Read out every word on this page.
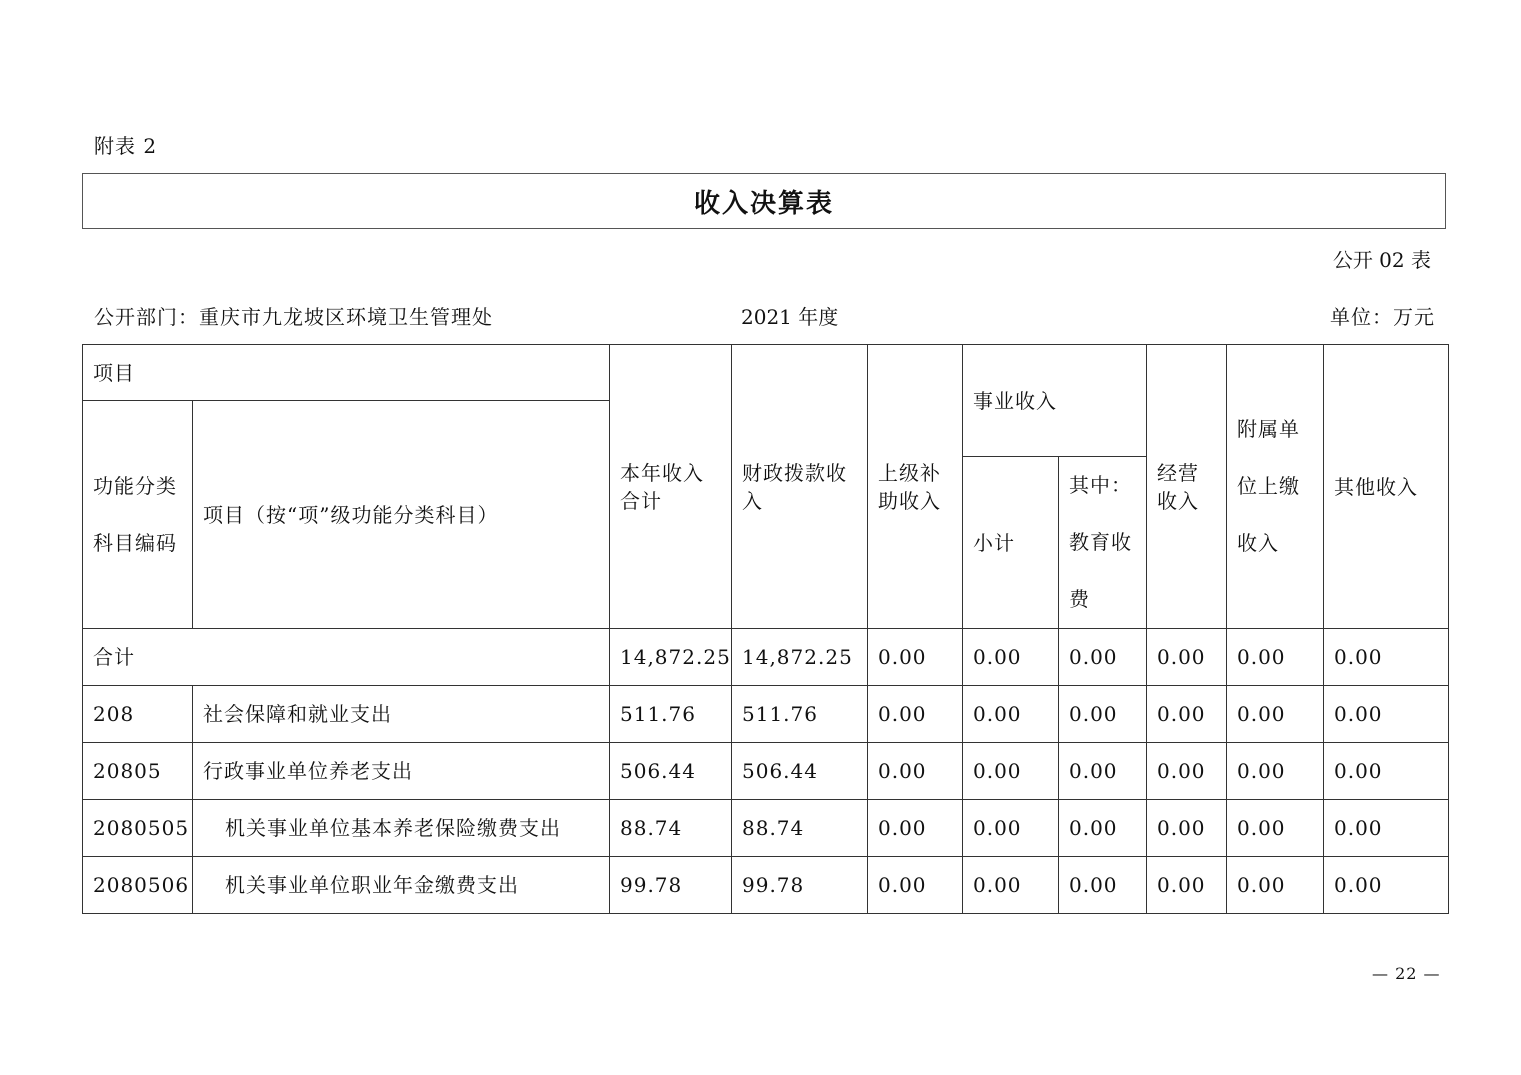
附表 2
收入决算表
公开 02 表
公开部门：重庆市九龙坡区环境卫生管理处	2021 年度	单位：万元
项目		本年收入合计	财政拨款收入	上级补助收入	事业收入		经营收入	附属单位上缴收入	其他收入
功能分类科目编码	项目（按“项”级功能分类科目）								
					小计	其中：教育收费			
合计		14,872.25	14,872.25	0.00	0.00	0.00	0.00	0.00	0.00
208	社会保障和就业支出	511.76	511.76	0.00	0.00	0.00	0.00	0.00	0.00
20805	行政事业单位养老支出	506.44	506.44	0.00	0.00	0.00	0.00	0.00	0.00
2080505	机关事业单位基本养老保险缴费支出	88.74	88.74	0.00	0.00	0.00	0.00	0.00	0.00
2080506	机关事业单位职业年金缴费支出	99.78	99.78	0.00	0.00	0.00	0.00	0.00	0.00
— 22 —
